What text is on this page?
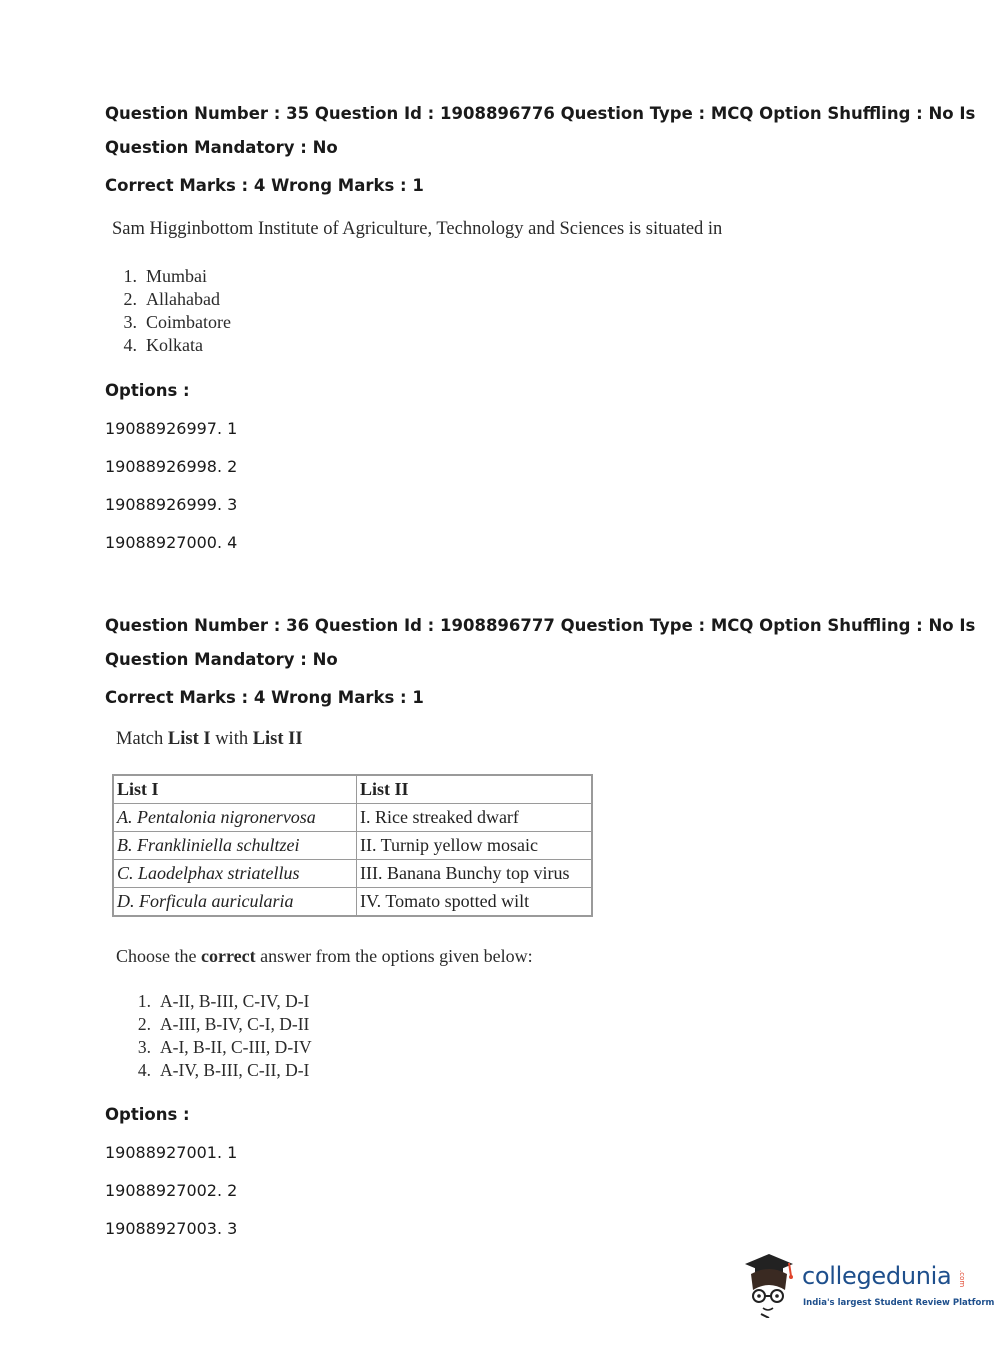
Question Number : 35 Question Id : 1908896776 Question Type : MCQ Option Shuffling : No Is
Question Mandatory : No
Correct Marks : 4 Wrong Marks : 1
Sam Higginbottom Institute of Agriculture, Technology and Sciences is situated in
1. Mumbai
2. Allahabad
3. Coimbatore
4. Kolkata
Options :
19088926997. 1
19088926998. 2
19088926999. 3
19088927000. 4
Question Number : 36 Question Id : 1908896777 Question Type : MCQ Option Shuffling : No Is
Question Mandatory : No
Correct Marks : 4 Wrong Marks : 1
Match List I with List II
List I	List II
A. Pentalonia nigronervosa	I. Rice streaked dwarf
B. Frankliniella schultzei	II. Turnip yellow mosaic
C. Laodelphax striatellus	III. Banana Bunchy top virus
D. Forficula auricularia	IV. Tomato spotted wilt
Choose the correct answer from the options given below:
1. A-II, B-III, C-IV, D-I
2. A-III, B-IV, C-I, D-II
3. A-I, B-II, C-III, D-IV
4. A-IV, B-III, C-II, D-I
Options :
19088927001. 1
19088927002. 2
19088927003. 3
collegedunia .com
India's largest Student Review Platform
